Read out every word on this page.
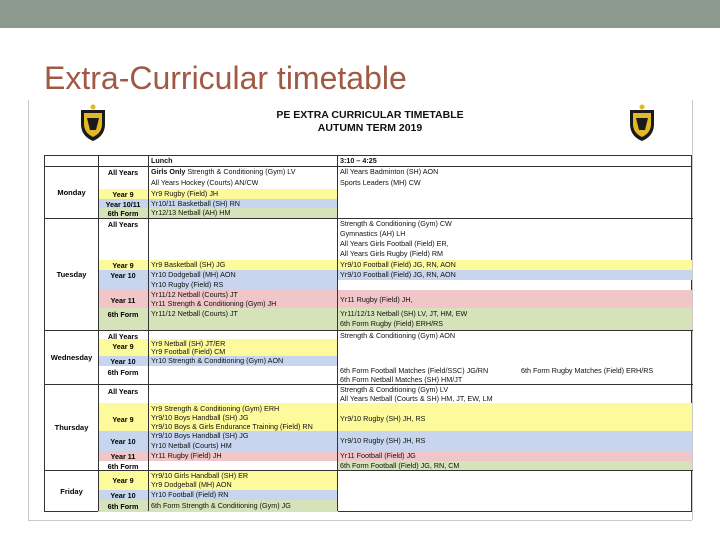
Extra-Curricular timetable
PE EXTRA CURRICULAR TIMETABLE
AUTUMN TERM 2019
Lunch	3:10 – 4:25
Monday
Tuesday
Wednesday
Thursday
Friday
All Years
Year 9
Year 10/11
6th Form
All Years
Year 9
Year 10
Year 11
6th Form
All Years
Year 9
Year 10
6th Form
All Years
Year 9
Year 10
Year 11
6th Form
Year 9
Year 10
6th Form
Girls Only Strength & Conditioning (Gym) LV
All Years Hockey (Courts) AN/CW
Yr9 Rugby (Field) JH
Yr10/11 Basketball (SH) RN
Yr12/13 Netball (AH) HM
Yr9 Basketball (SH) JG
Yr10 Dodgeball (MH) AON
Yr10 Rugby (Field) RS
Yr11/12 Netball (Courts) JT
Yr11 Strength & Conditioning (Gym) JH
Yr11/12 Netball (Courts) JT
Yr9 Netball (SH) JT/ER
Yr9 Football (Field) CM
Yr10 Strength & Conditioning (Gym) AON
Yr9 Strength & Conditioning (Gym) ERH
Yr9/10 Boys Handball (SH) JG
Yr9/10 Boys & Girls Endurance Training (Field) RN
Yr9/10 Boys Handball (SH) JG
Yr10 Netball (Courts) HM
Yr11 Rugby (Field) JH
Yr9/10 Girls Handball (SH) ER
Yr9 Dodgeball (MH) AON
Yr10 Football (Field) RN
6th Form Strength & Conditioning (Gym) JG
All Years Badminton (SH) AON
Sports Leaders (MH) CW
Strength & Conditioning (Gym) CW
Gymnastics (AH) LH
All Years Girls Football (Field) ER,
All Years Girls Rugby (Field) RM
Yr9/10 Football (Field) JG, RN, AON
Yr9/10 Football (Field) JG, RN, AON
Yr11 Rugby (Field) JH,
Yr11/12/13 Netball (SH) LV, JT, HM, EW
6th Form Rugby (Field) ERH/RS
Strength & Conditioning (Gym) AON
6th Form Football Matches (Field/SSC) JG/RN	6th Form Rugby Matches (Field) ERH/RS
6th Form Netball Matches (SH) HM/JT
Strength & Conditioning (Gym) LV
All Years Netball (Courts & SH) HM, JT, EW, LM
Yr9/10 Rugby (SH) JH, RS
Yr9/10 Rugby (SH) JH, RS
Yr11 Football (Field) JG
6th Form Football (Field) JG, RN, CM
